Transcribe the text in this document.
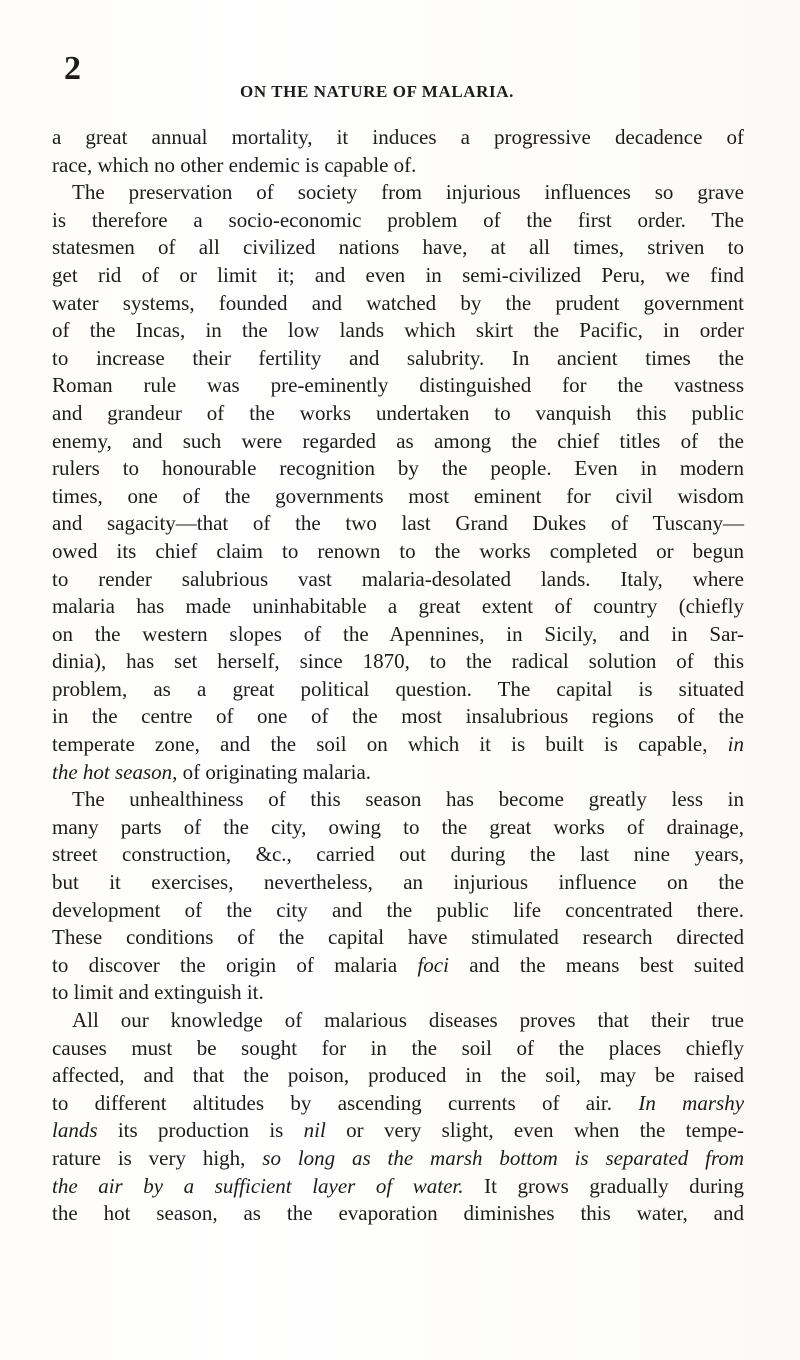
2
ON THE NATURE OF MALARIA.
a great annual mortality, it induces a progressive decadence of
race, which no other endemic is capable of.
The preservation of society from injurious influences so grave
is therefore a socio-economic problem of the first order. The
statesmen of all civilized nations have, at all times, striven to
get rid of or limit it; and even in semi-civilized Peru, we find
water systems, founded and watched by the prudent government
of the Incas, in the low lands which skirt the Pacific, in order
to increase their fertility and salubrity. In ancient times the
Roman rule was pre-eminently distinguished for the vastness
and grandeur of the works undertaken to vanquish this public
enemy, and such were regarded as among the chief titles of the
rulers to honourable recognition by the people. Even in modern
times, one of the governments most eminent for civil wisdom
and sagacity—that of the two last Grand Dukes of Tuscany—
owed its chief claim to renown to the works completed or begun
to render salubrious vast malaria-desolated lands. Italy, where
malaria has made uninhabitable a great extent of country (chiefly
on the western slopes of the Apennines, in Sicily, and in Sar-
dinia), has set herself, since 1870, to the radical solution of this
problem, as a great political question. The capital is situated
in the centre of one of the most insalubrious regions of the
temperate zone, and the soil on which it is built is capable, in
the hot season, of originating malaria.
The unhealthiness of this season has become greatly less in
many parts of the city, owing to the great works of drainage,
street construction, &c., carried out during the last nine years,
but it exercises, nevertheless, an injurious influence on the
development of the city and the public life concentrated there.
These conditions of the capital have stimulated research directed
to discover the origin of malaria foci and the means best suited
to limit and extinguish it.
All our knowledge of malarious diseases proves that their true
causes must be sought for in the soil of the places chiefly
affected, and that the poison, produced in the soil, may be raised
to different altitudes by ascending currents of air. In marshy
lands its production is nil or very slight, even when the tempe-
rature is very high, so long as the marsh bottom is separated from
the air by a sufficient layer of water. It grows gradually during
the hot season, as the evaporation diminishes this water, and
